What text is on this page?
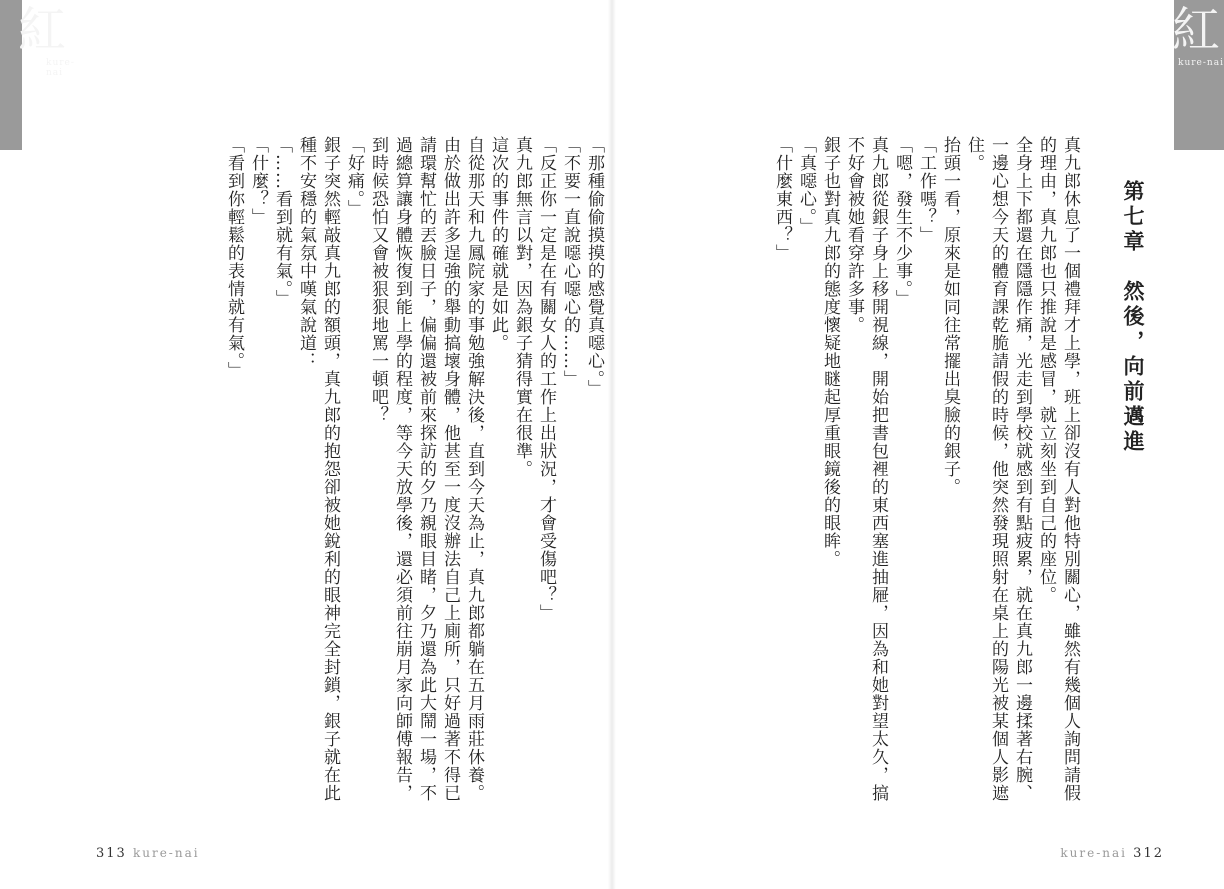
紅
kure-nai

「那種偷偷摸摸的感覺真噁心。」

「不要一直說噁心噁心的……」

「反正你一定是在有關女人的工作上出狀況，才會受傷吧？」

真九郎無言以對，因為銀子猜得實在很準。

這次的事件的確就是如此。

自從那天和九鳳院家的事勉強解決後，直到今天為止，真九郎都躺在五月雨莊休養。由於做出許多逞強的舉動搞壞身體，他甚至一度沒辦法自己上廁所，只好過著不得已請環幫忙的丟臉日子，偏偏還被前來探訪的夕乃親眼目睹，夕乃還為此大鬧一場，不過總算讓身體恢復到能上學的程度，等今天放學後，還必須前往崩月家向師傅報告，到時候恐怕又會被狠狠地罵一頓吧？

「好痛。」

銀子突然輕敲真九郎的額頭，真九郎的抱怨卻被她銳利的眼神完全封鎖，銀子就在此種不安穩的氣氛中嘆氣說道：

「……看到就有氣。」

「什麼？」

「看到你輕鬆的表情就有氣。」

313 kure-nai
紅
kure-nai
第七章　然後，向前邁進

真九郎休息了一個禮拜才上學，班上卻沒有人對他特別關心，雖然有幾個人詢問請假的理由，真九郎也只推說是感冒，就立刻坐到自己的座位。

全身上下都還在隱隱作痛，光走到學校就感到有點疲累，就在真九郎一邊揉著右腕、一邊心想今天的體育課乾脆請假的時候，他突然發現照射在桌上的陽光被某個人影遮住。

抬頭一看，原來是如同往常擺出臭臉的銀子。

「工作嗎？」

「嗯，發生不少事。」

真九郎從銀子身上移開視線，開始把書包裡的東西塞進抽屜，因為和她對望太久，搞不好會被她看穿許多事。

銀子也對真九郎的態度懷疑地瞇起厚重眼鏡後的眼眸。

「真噁心。」

「什麼東西？」

kure-nai 312
